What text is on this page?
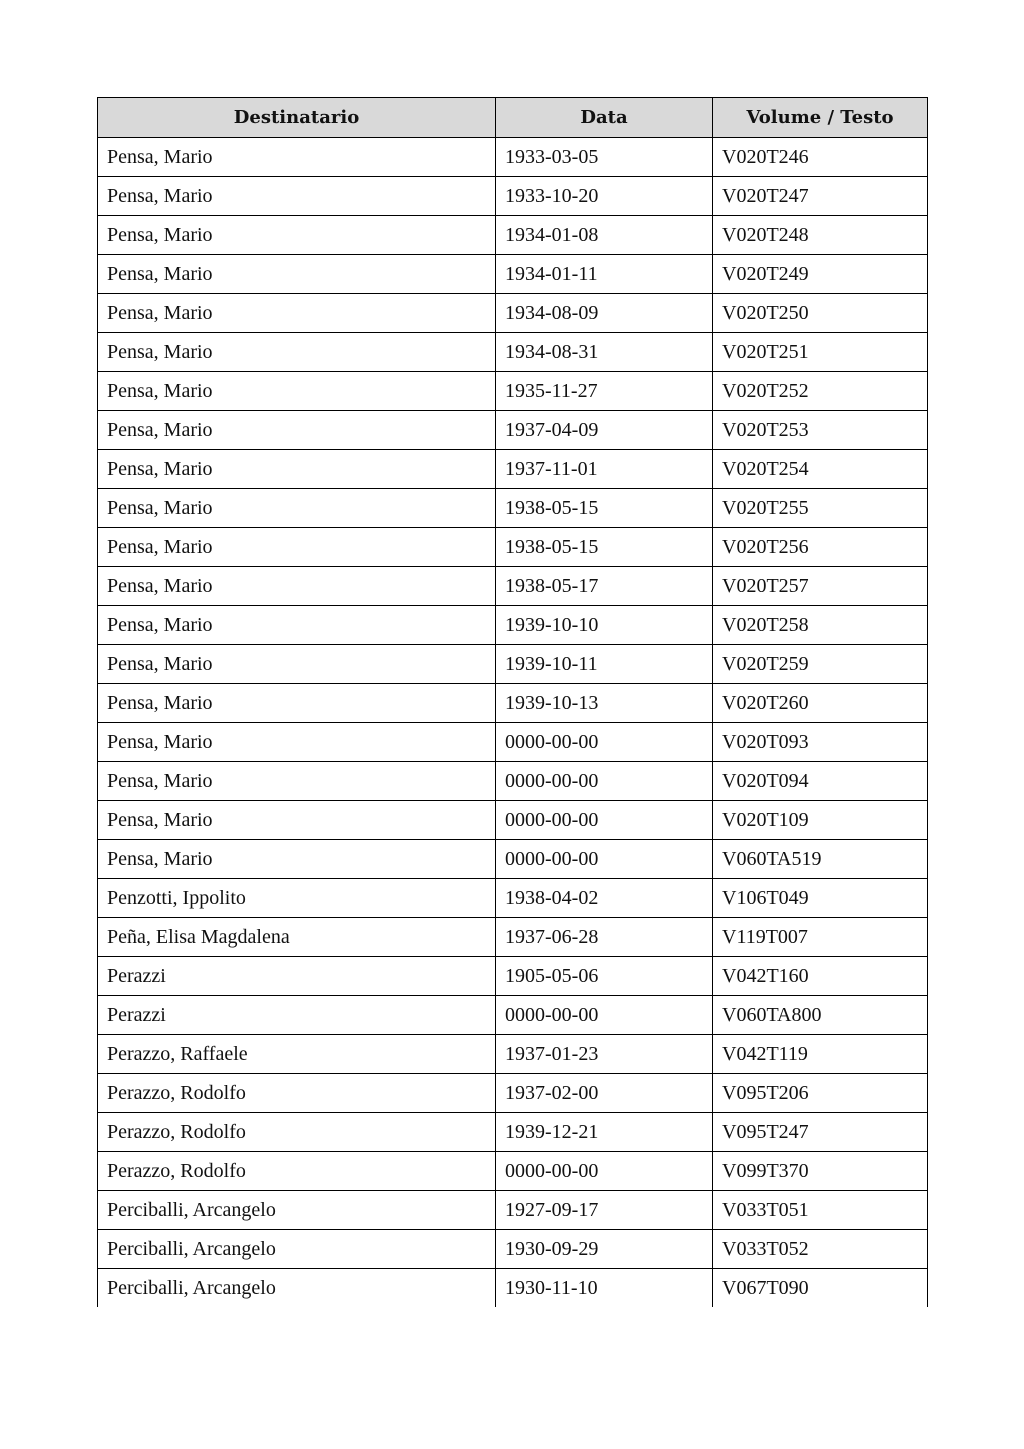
Destinatario	Data	Volume / Testo
Pensa, Mario	1933-03-05	V020T246
Pensa, Mario	1933-10-20	V020T247
Pensa, Mario	1934-01-08	V020T248
Pensa, Mario	1934-01-11	V020T249
Pensa, Mario	1934-08-09	V020T250
Pensa, Mario	1934-08-31	V020T251
Pensa, Mario	1935-11-27	V020T252
Pensa, Mario	1937-04-09	V020T253
Pensa, Mario	1937-11-01	V020T254
Pensa, Mario	1938-05-15	V020T255
Pensa, Mario	1938-05-15	V020T256
Pensa, Mario	1938-05-17	V020T257
Pensa, Mario	1939-10-10	V020T258
Pensa, Mario	1939-10-11	V020T259
Pensa, Mario	1939-10-13	V020T260
Pensa, Mario	0000-00-00	V020T093
Pensa, Mario	0000-00-00	V020T094
Pensa, Mario	0000-00-00	V020T109
Pensa, Mario	0000-00-00	V060TA519
Penzotti, Ippolito	1938-04-02	V106T049
Peña, Elisa Magdalena	1937-06-28	V119T007
Perazzi	1905-05-06	V042T160
Perazzi	0000-00-00	V060TA800
Perazzo, Raffaele	1937-01-23	V042T119
Perazzo, Rodolfo	1937-02-00	V095T206
Perazzo, Rodolfo	1939-12-21	V095T247
Perazzo, Rodolfo	0000-00-00	V099T370
Perciballi, Arcangelo	1927-09-17	V033T051
Perciballi, Arcangelo	1930-09-29	V033T052
Perciballi, Arcangelo	1930-11-10	V067T090
